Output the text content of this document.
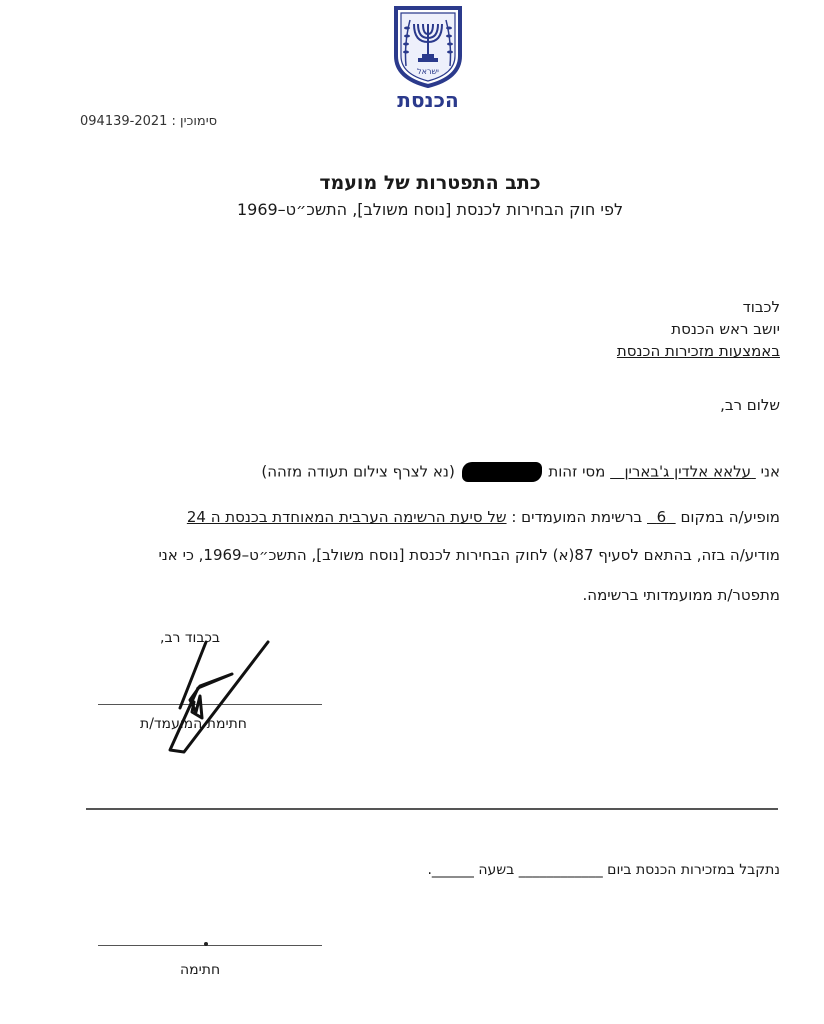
ישראל
הכנסת
סימוכין : 094139-2021
כתב התפטרות של מועמד
לפי חוק הבחירות לכנסת [נוסח משולב], התשכ״ט–1969
לכבוד
יושב ראש הכנסת
באמצעות מזכירות הכנסת
שלום רב,
אני  עלאא אלדין ג'בארין    מסי זהות  (נא לצרף צילום תעודה מזהה)
מופיע/ה במקום   6   ברשימת המועמדים : של סיעת הרשימה הערבית המאוחדת בכנסת ה 24
מודיע/ה בזה, בהתאם לסעיף 87(א) לחוק הבחירות לכנסת [נוסח משולב], התשכ״ט–1969, כי אני
מתפטר/ת ממועמדותי ברשימה.
בכבוד רב,
חתימת המועמד/ת
נתקבל במזכירות הכנסת ביום ____________ בשעה ______.
חתימה
